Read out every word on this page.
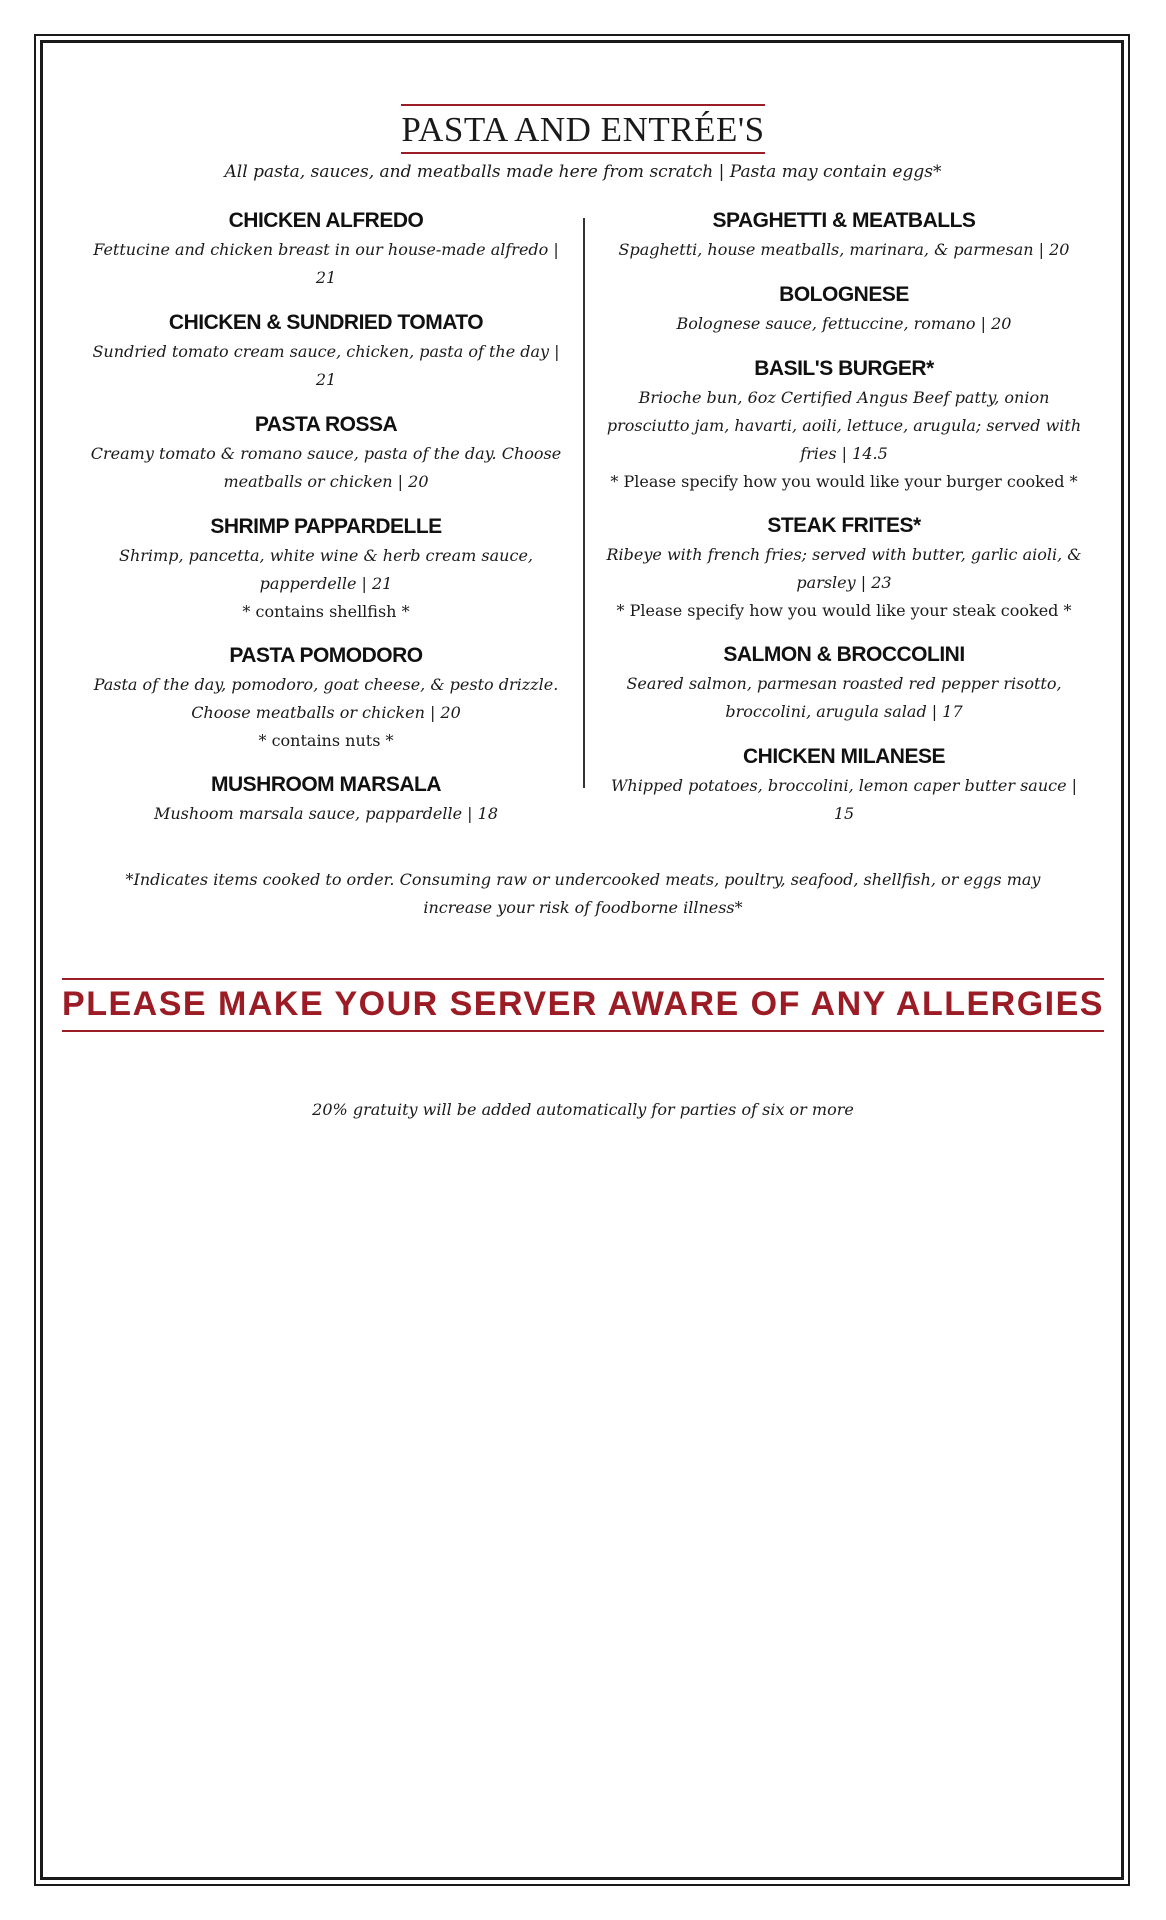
PASTA AND ENTRÉE'S
All pasta, sauces, and meatballs made here from scratch | Pasta may contain eggs*
CHICKEN ALFREDO
Fettucine and chicken breast in our house-made alfredo | 21
CHICKEN & SUNDRIED TOMATO
Sundried tomato cream sauce, chicken, pasta of the day | 21
PASTA ROSSA
Creamy tomato & romano sauce, pasta of the day. Choose meatballs or chicken | 20
SHRIMP PAPPARDELLE
Shrimp, pancetta, white wine & herb cream sauce, papperdelle | 21
* contains shellfish *
PASTA POMODORO
Pasta of the day, pomodoro, goat cheese, & pesto drizzle. Choose meatballs or chicken | 20
* contains nuts *
MUSHROOM MARSALA
Mushoom marsala sauce, pappardelle | 18
SPAGHETTI & MEATBALLS
Spaghetti, house meatballs, marinara, & parmesan | 20
BOLOGNESE
Bolognese sauce, fettuccine, romano | 20
BASIL'S BURGER*
Brioche bun, 6oz Certified Angus Beef patty, onion prosciutto jam, havarti, aoili, lettuce, arugula; served with fries | 14.5
* Please specify how you would like your burger cooked *
STEAK FRITES*
Ribeye with french fries; served with butter, garlic aioli, & parsley | 23
* Please specify how you would like your steak cooked *
SALMON & BROCCOLINI
Seared salmon, parmesan roasted red pepper risotto, broccolini, arugula salad | 17
CHICKEN MILANESE
Whipped potatoes, broccolini, lemon caper butter sauce | 15
*Indicates items cooked to order. Consuming raw or undercooked meats, poultry, seafood, shellfish, or eggs may increase your risk of foodborne illness*
PLEASE MAKE YOUR SERVER AWARE OF ANY ALLERGIES
20% gratuity will be added automatically for parties of six or more
